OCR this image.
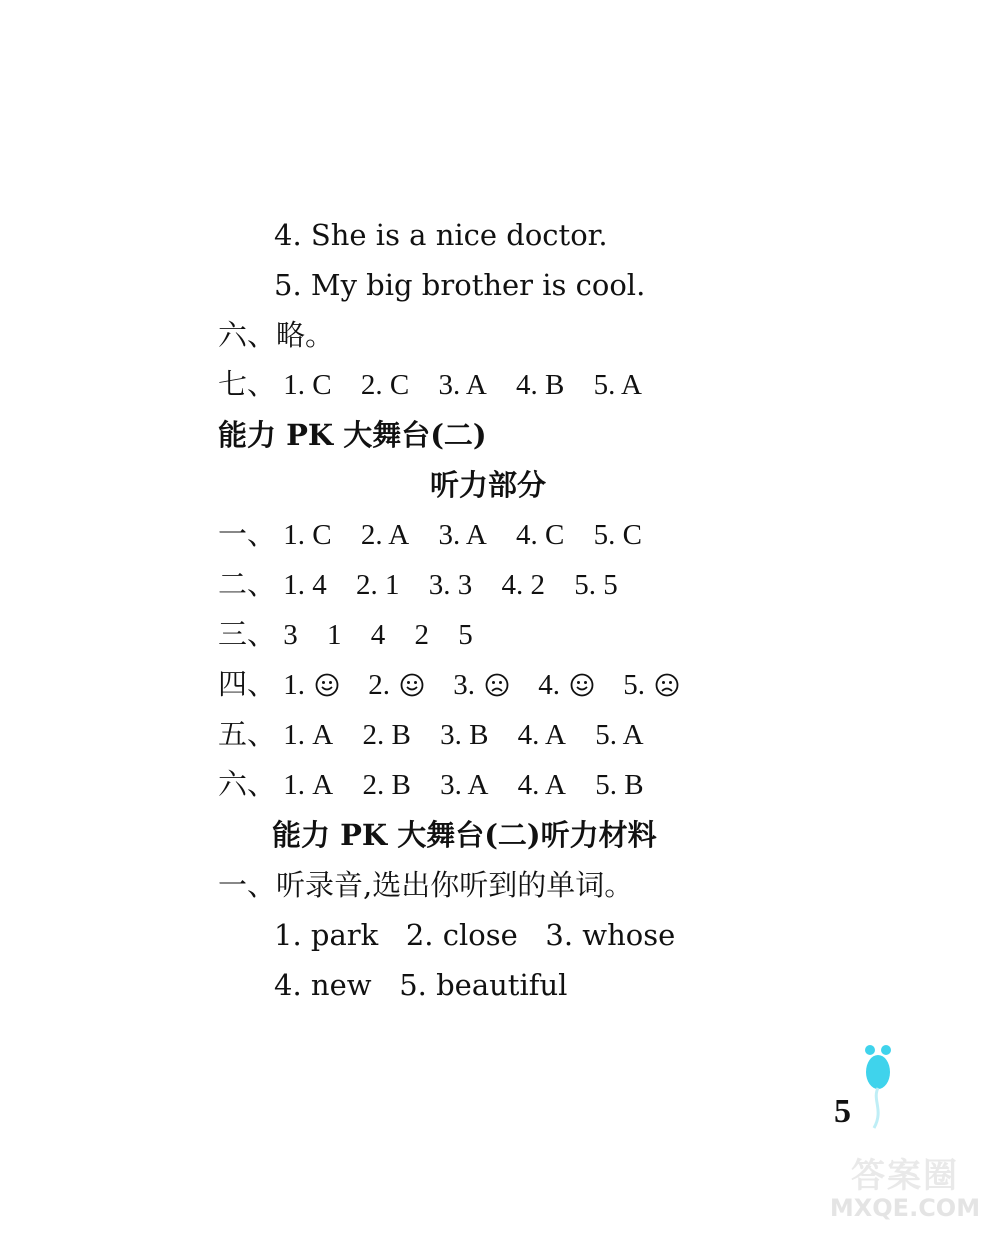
4. She is a nice doctor.
5. My big brother is cool.
六、略。
七、 1. C 2. C 3. A 4. B 5. A
能力 PK 大舞台(二)
听力部分
一、 1. C 2. A 3. A 4. C 5. C
二、 1. 4 2. 1 3. 3 4. 2 5. 5
三、 3 1 4 2 5
四、 1. 2. 3. 4. 5.
五、 1. A 2. B 3. B 4. A 5. A
六、 1. A 2. B 3. A 4. A 5. B
能力 PK 大舞台(二)听力材料
一、听录音,选出你听到的单词。
1. park   2. close   3. whose
4. new   5. beautiful
5
答案圈
MXQE.COM
